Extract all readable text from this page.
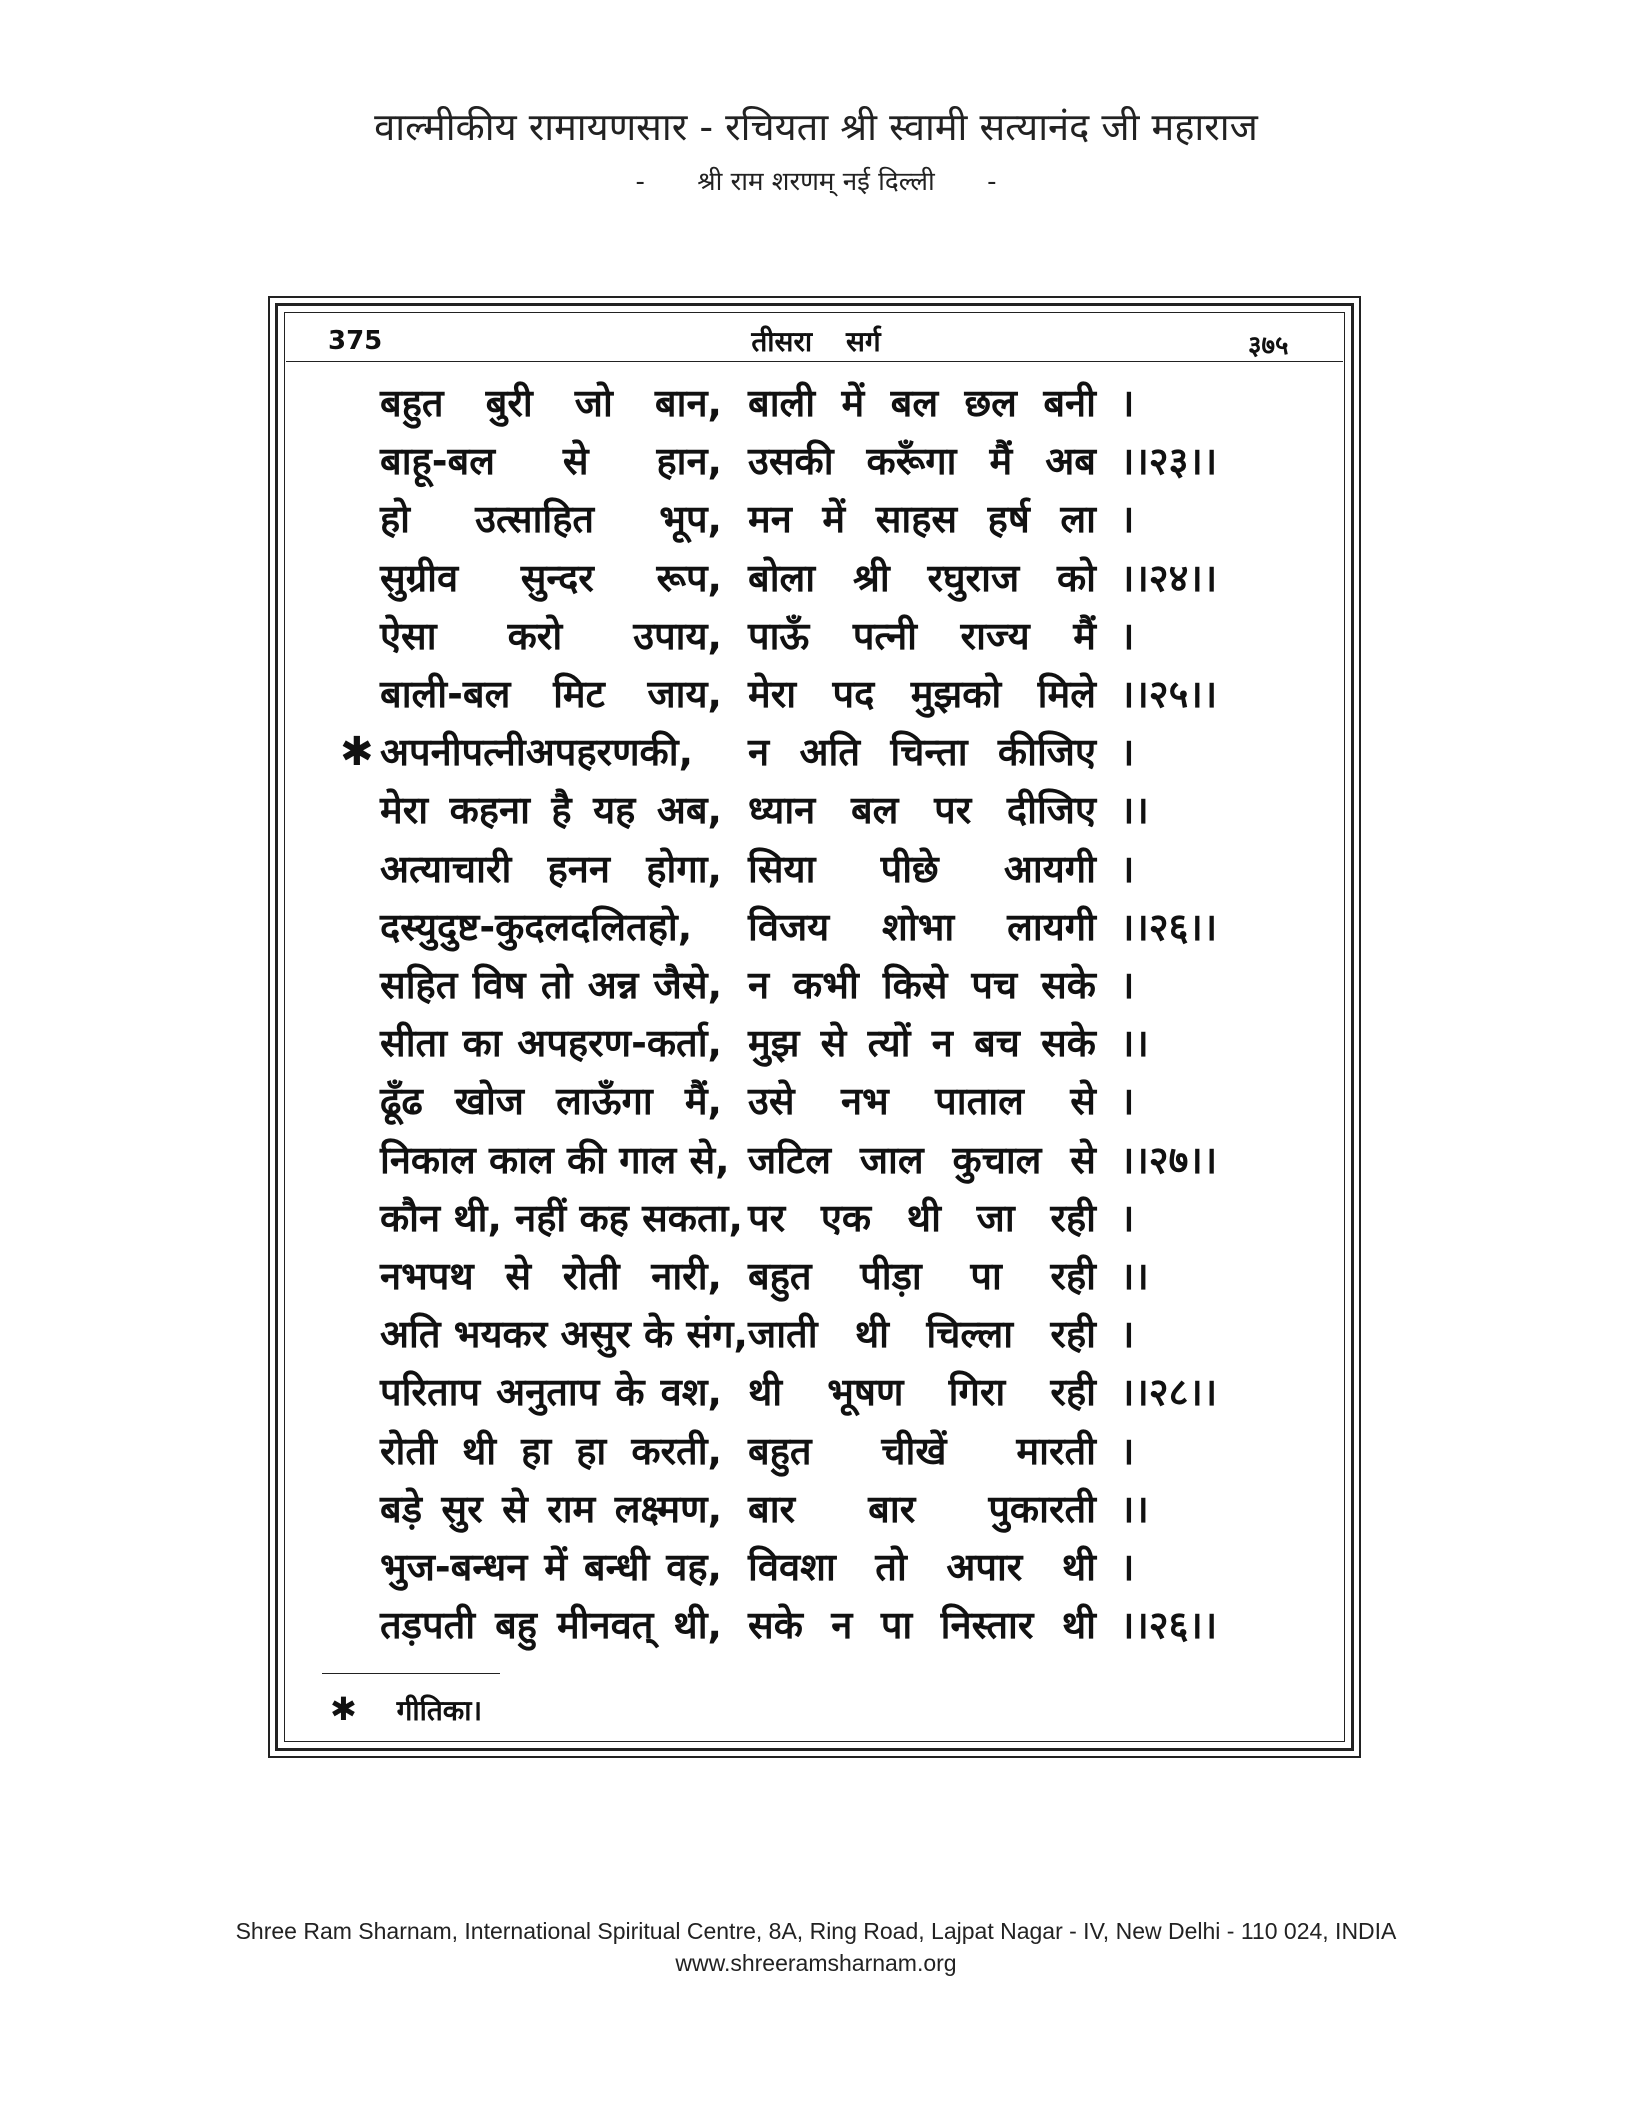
वाल्मीकीय रामायणसार - रचियता श्री स्वामी सत्यानंद जी महाराज
- श्री राम शरणम् नई दिल्ली -
375	तीसरा सर्ग	३७५
बहुत बुरी जो बान, बाली में बल छल बनी ।
बाहू-बल से हान, उसकी करूँगा मैं अब ।।२३।।
हो उत्साहित भूप, मन में साहस हर्ष ला ।
सुग्रीव सुन्दर रूप, बोला श्री रघुराज को ।।२४।।
ऐसा करो उपाय, पाऊँ पत्नी राज्य मैं ।
बाली-बल मिट जाय, मेरा पद मुझको मिले ।।२५।।
✱ अपनीपत्नीअपहरणकी,	न अति चिन्ता कीजिए ।
मेरा कहना है यह अब, ध्यान बल पर दीजिए ।।
अत्याचारी हनन होगा, सिया पीछे आयगी ।
दस्युदुष्ट-कुदलदलितहो,	विजय शोभा लायगी ।।२६।।
सहित विष तो अन्न जैसे, न कभी किसे पच सके ।
सीता का अपहरण-कर्ता, मुझ से त्यों न बच सके ।।
ढूँढ खोज लाऊँगा मैं, उसे नभ पाताल से ।
निकाल काल की गाल से, जटिल जाल कुचाल से ।।२७।।
कौन थी, नहीं कह सकता, पर एक थी जा रही ।
नभपथ से रोती नारी, बहुत पीड़ा पा रही ।।
अति भयकर असुर के संग, जाती थी चिल्ला रही ।
परिताप अनुताप के वश, थी भूषण गिरा रही ।।२८।।
रोती थी हा हा करती, बहुत चीखें मारती ।
बड़े सुर से राम लक्ष्मण, बार बार पुकारती ।।
भुज-बन्धन में बन्धी वह, विवशा तो अपार थी ।
तड़पती बहु मीनवत् थी, सके न पा निस्तार थी ।।२६।।
✱ गीतिका।
Shree Ram Sharnam, International Spiritual Centre, 8A, Ring Road, Lajpat Nagar - IV, New Delhi - 110 024, INDIA
www.shreeramsharnam.org
